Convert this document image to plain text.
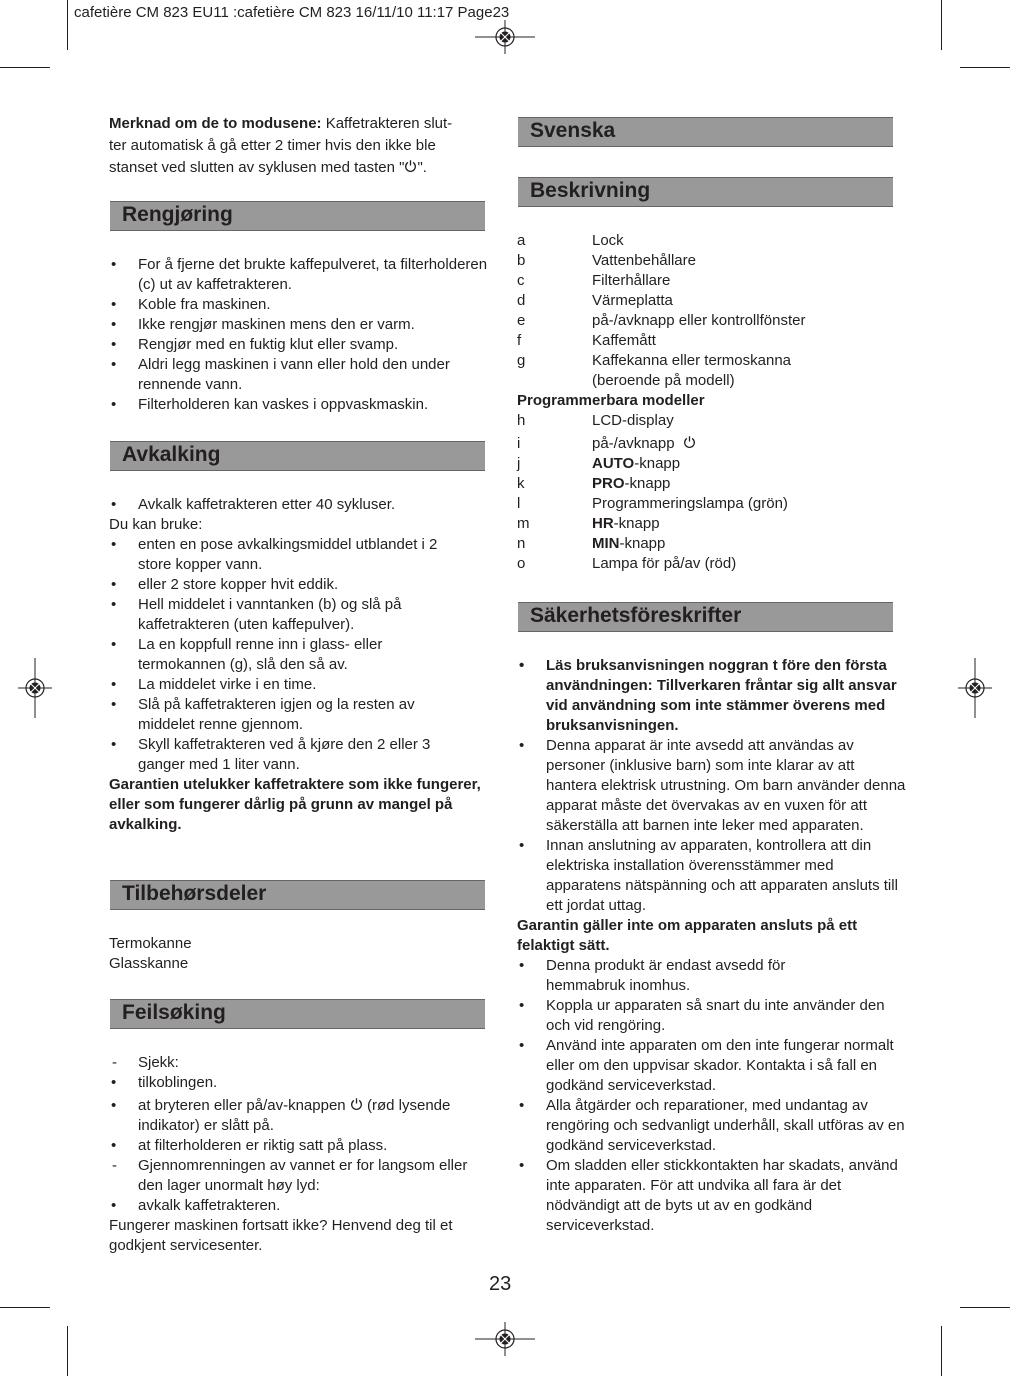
cafetière CM 823 EU11 :cafetière CM 823 16/11/10 11:17 Page23

Merknad om de to modusene: Kaffetrakteren slut-
ter automatisk å gå etter 2 timer hvis den ikke ble
stanset ved slutten av syklusen med tasten " ".

Rengjøring
• For å fjerne det brukte kaffepulveret, ta filterholderen (c) ut av kaffetrakteren.
• Koble fra maskinen.
• Ikke rengjør maskinen mens den er varm.
• Rengjør med en fuktig klut eller svamp.
• Aldri legg maskinen i vann eller hold den under rennende vann.
• Filterholderen kan vaskes i oppvaskmaskin.
Avkalking
• Avkalk kaffetrakteren etter 40 sykluser.

Du kan bruke:

• enten en pose avkalkingsmiddel utblandet i 2 store kopper vann.
• eller 2 store kopper hvit eddik.
• Hell middelet i vanntanken (b) og slå på kaffetrakteren (uten kaffepulver).
• La en koppfull renne inn i glass- eller termokannen (g), slå den så av.
• La middelet virke i en time.
• Slå på kaffetrakteren igjen og la resten av middelet renne gjennom.
• Skyll kaffetrakteren ved å kjøre den 2 eller 3 ganger med 1 liter vann.

Garantien utelukker kaffetraktere som ikke fungerer, eller som fungerer dårlig på grunn av mangel på avkalking.

Tilbehørsdeler

Termokanne

Glasskanne

Feilsøking
- Sjekk:
• tilkoblingen.
• at bryteren eller på/av-knappen (rød lysende indikator) er slått på.
• at filterholderen er riktig satt på plass.
- Gjennomrenningen av vannet er for langsom eller den lager unormalt høy lyd:
• avkalk kaffetrakteren.

Fungerer maskinen fortsatt ikke? Henvend deg til et godkjent servicesenter.

Svenska
Beskrivning
a	Lock
b	Vattenbehållare
c	Filterhållare
d	Värmeplatta
e	på-/avknapp eller kontrollfönster
f	Kaffemått
g	Kaffekanna eller termoskanna
	(beroende på modell)
Programmerbara modeller	
h	LCD-display
i	på-/avknapp
j	AUTO-knapp
k	PRO-knapp
l	Programmeringslampa (grön)
m	HR-knapp
n	MIN-knapp
o	Lampa för på/av (röd)
Säkerhetsföreskrifter
• Läs bruksanvisningen noggran t före den första användningen: Tillverkaren fråntar sig allt ansvar vid användning som inte stämmer överens med bruksanvisningen.
• Denna apparat är inte avsedd att användas av personer (inklusive barn) som inte klarar av att hantera elektrisk utrustning. Om barn använder denna apparat måste det övervakas av en vuxen för att säkerställa att barnen inte leker med apparaten.
• Innan anslutning av apparaten, kontrollera att din elektriska installation överensstämmer med apparatens nätspänning och att apparaten ansluts till ett jordat uttag.

Garantin gäller inte om apparaten ansluts på ett felaktigt sätt.

• Denna produkt är endast avsedd för hemmabruk inomhus.
• Koppla ur apparaten så snart du inte använder den och vid rengöring.
• Använd inte apparaten om den inte fungerar normalt eller om den uppvisar skador. Kontakta i så fall en godkänd serviceverkstad.
• Alla åtgärder och reparationer, med undantag av rengöring och sedvanligt underhåll, skall utföras av en godkänd serviceverkstad.
• Om sladden eller stickkontakten har skadats, använd inte apparaten. För att undvika all fara är det nödvändigt att de byts ut av en godkänd serviceverkstad.
23
